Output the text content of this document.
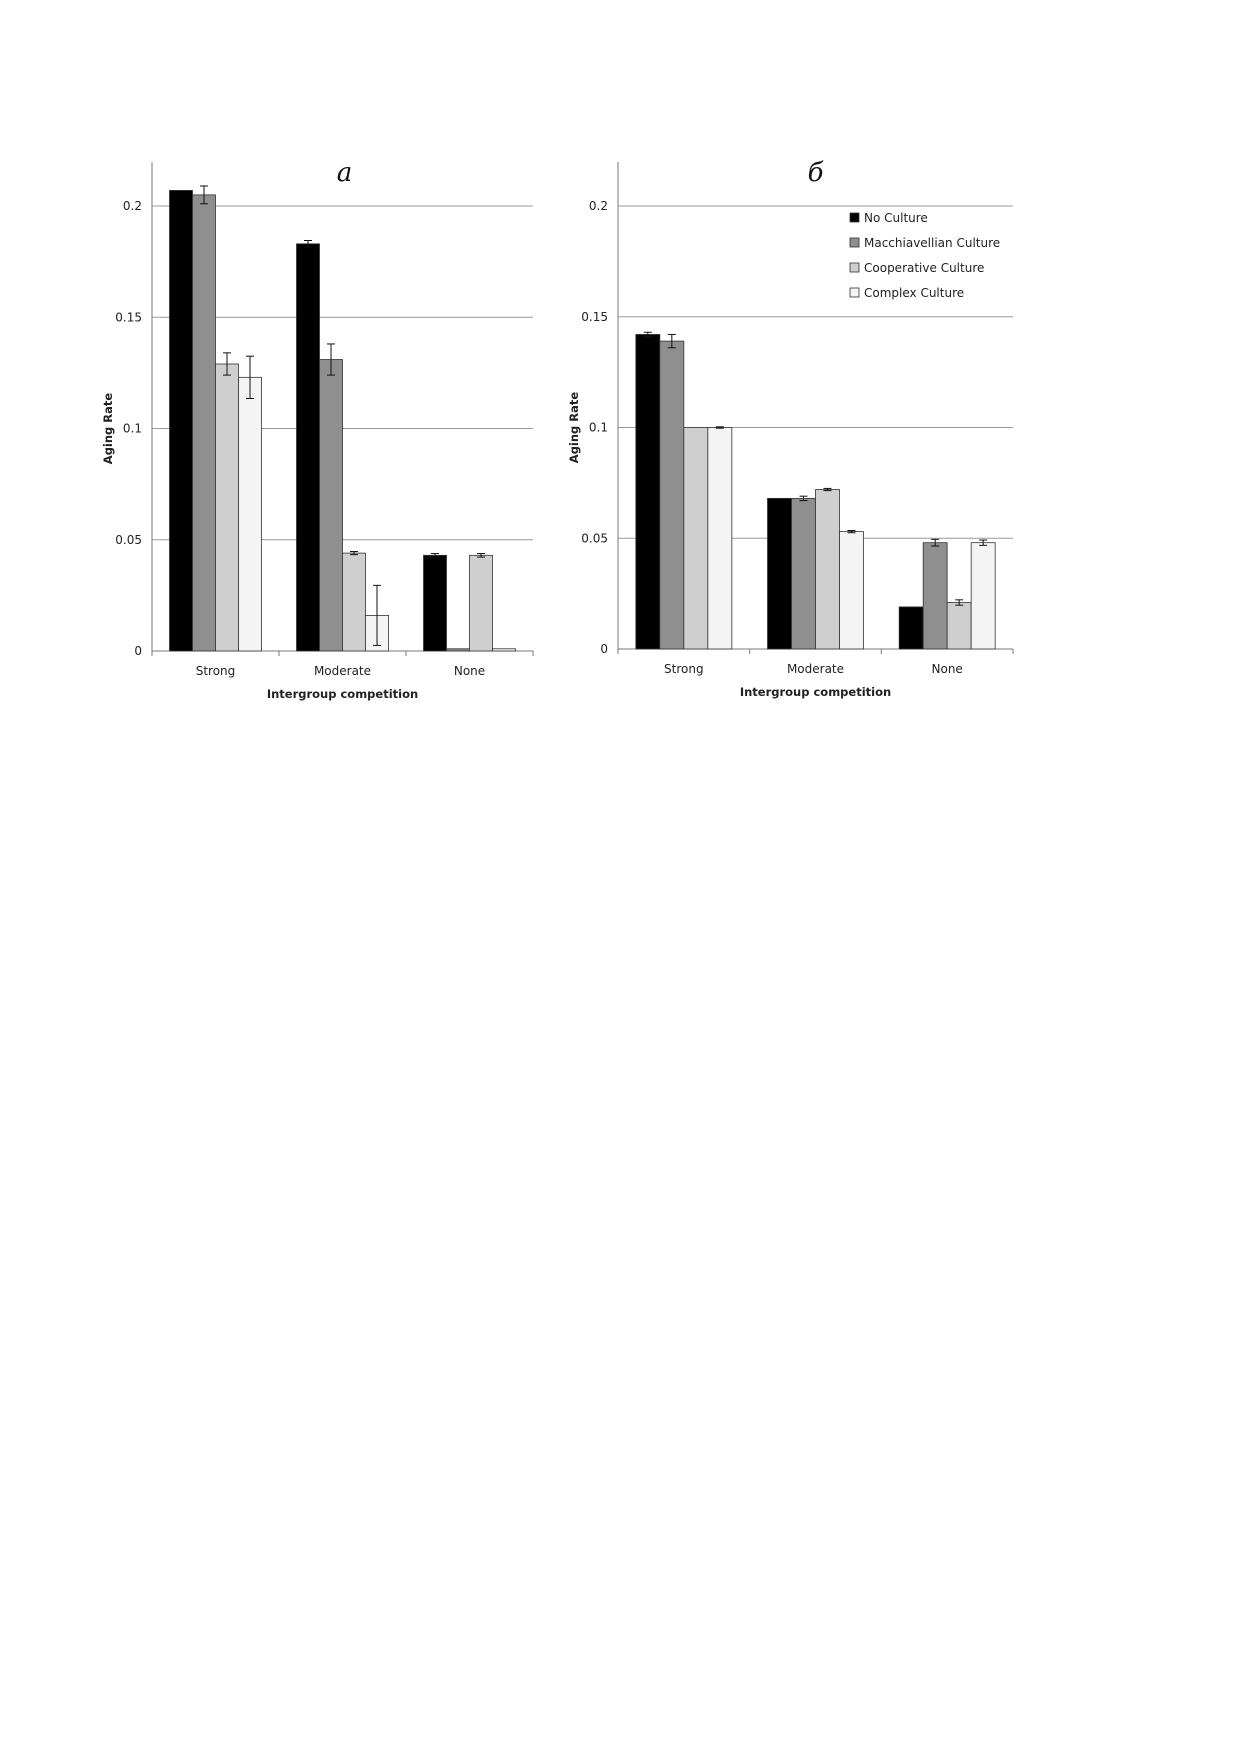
0
0.05
0.1
0.15
0.2
Strong	Moderate	None
а
Intergroup competition
Aging Rate
0
0.05
0.1
0.15
0.2
Strong	Moderate	None
б
Intergroup competition
Aging Rate
No Culture
Macchiavellian Culture
Cooperative Culture
Complex Culture
